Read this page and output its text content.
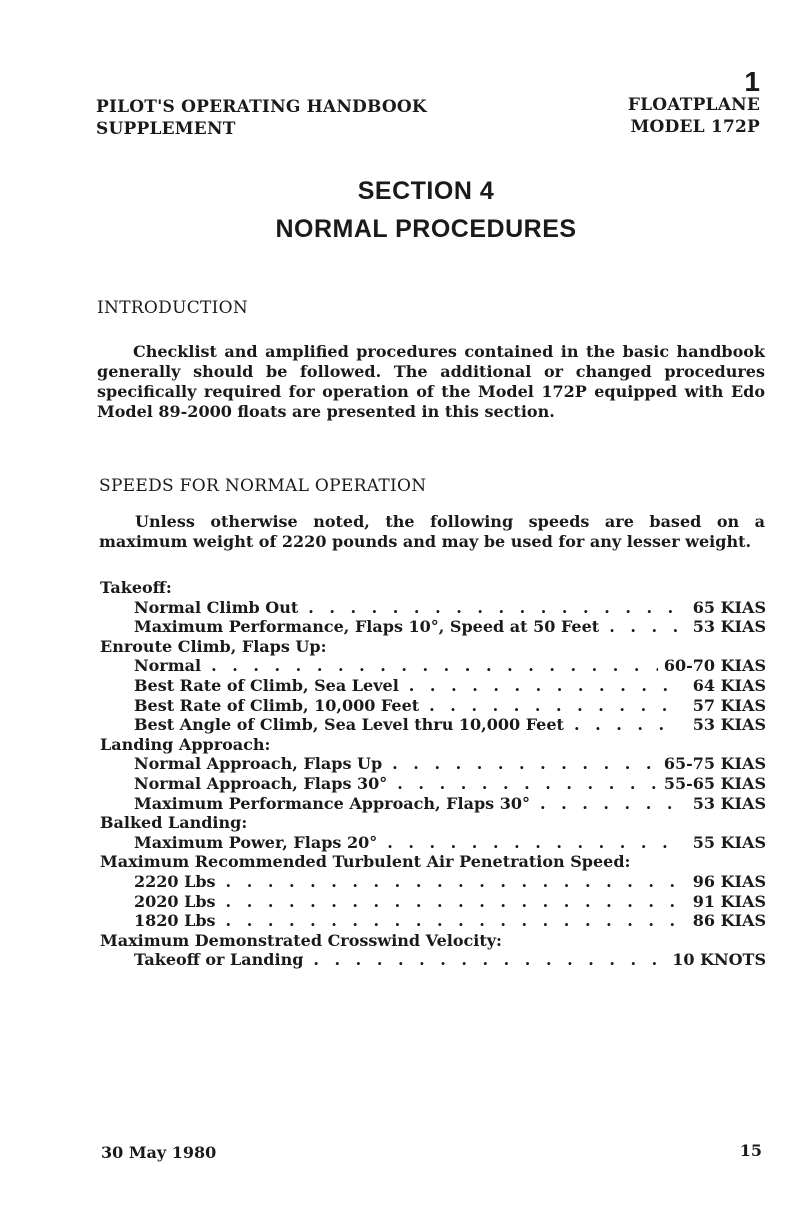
1
PILOT'S OPERATING HANDBOOK
SUPPLEMENT
FLOATPLANE
MODEL 172P
SECTION 4
NORMAL PROCEDURES
INTRODUCTION

Checklist and amplified procedures contained in the basic handbook generally should be followed. The additional or changed procedures specifically required for operation of the Model 172P equipped with Edo Model 89-2000 floats are presented in this section.

SPEEDS FOR NORMAL OPERATION

Unless otherwise noted, the following speeds are based on a maximum weight of 2220 pounds and may be used for any lesser weight.

Takeoff:
Normal Climb Out . . .	65 KIAS
Maximum Performance, Flaps 10°, Speed at 50 Feet . . .	53 KIAS
Enroute Climb, Flaps Up:
Normal . . .	60-70 KIAS
Best Rate of Climb, Sea Level . . .	64 KIAS
Best Rate of Climb, 10,000 Feet . . .	57 KIAS
Best Angle of Climb, Sea Level thru 10,000 Feet . . .	53 KIAS
Landing Approach:
Normal Approach, Flaps Up . . .	65-75 KIAS
Normal Approach, Flaps 30° . . .	55-65 KIAS
Maximum Performance Approach, Flaps 30° . . .	53 KIAS
Balked Landing:
Maximum Power, Flaps 20° . . .	55 KIAS
Maximum Recommended Turbulent Air Penetration Speed:
2220 Lbs . . .	96 KIAS
2020 Lbs . . .	91 KIAS
1820 Lbs . . .	86 KIAS
Maximum Demonstrated Crosswind Velocity:
Takeoff or Landing . . .	10 KNOTS
30 May 1980	15
